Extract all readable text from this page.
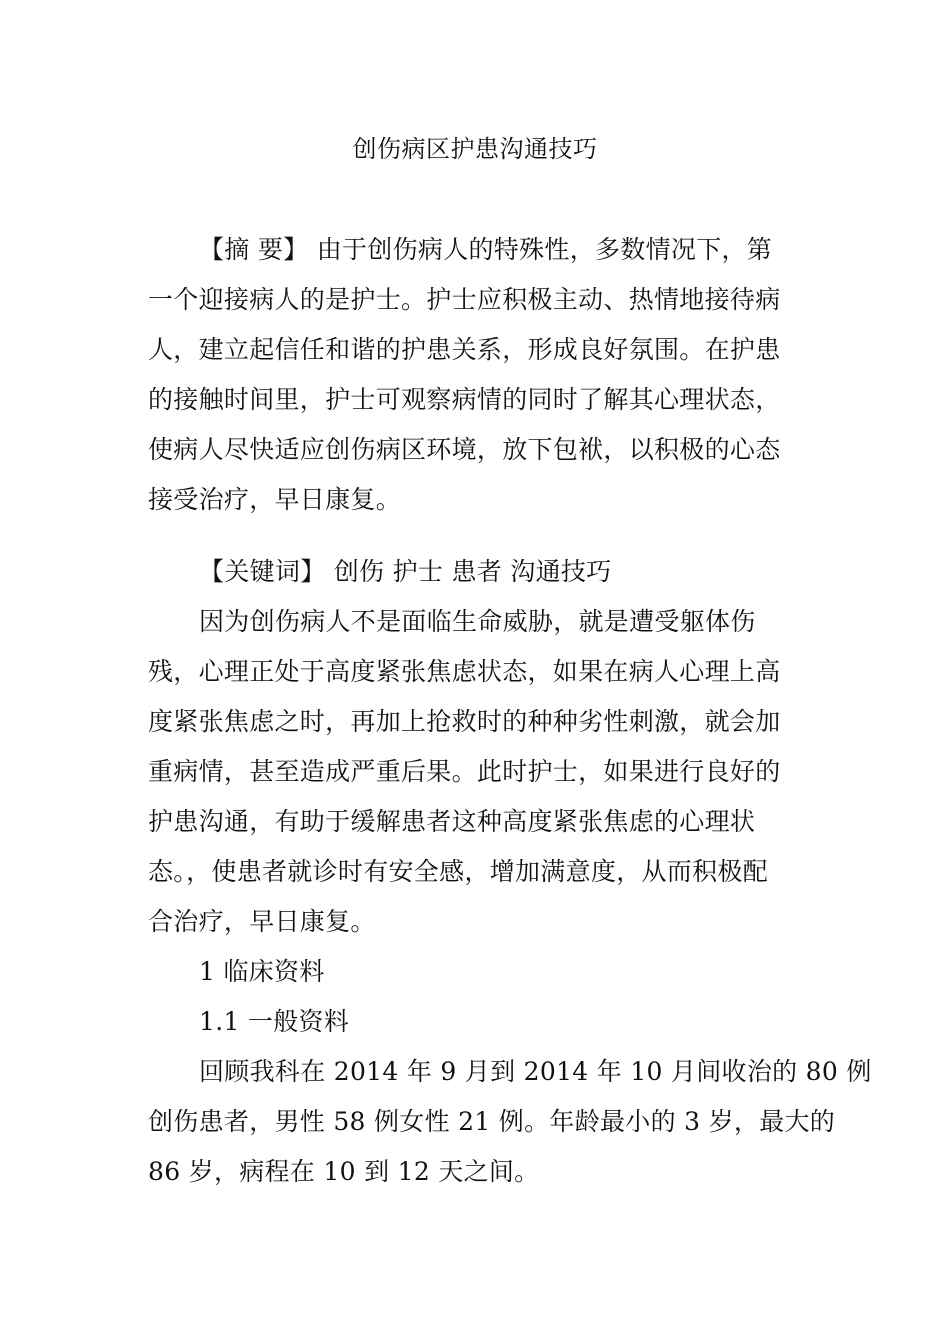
创伤病区护患沟通技巧
【摘 要】 由于创伤病人的特殊性，多数情况下，第
一个迎接病人的是护士。护士应积极主动、热情地接待病
人，建立起信任和谐的护患关系，形成良好氛围。在护患
的接触时间里，护士可观察病情的同时了解其心理状态，
使病人尽快适应创伤病区环境，放下包袱，以积极的心态
接受治疗，早日康复。
【关键词】 创伤 护士 患者 沟通技巧
因为创伤病人不是面临生命威胁，就是遭受躯体伤
残，心理正处于高度紧张焦虑状态，如果在病人心理上高
度紧张焦虑之时，再加上抢救时的种种劣性刺激，就会加
重病情，甚至造成严重后果。此时护士，如果进行良好的
护患沟通，有助于缓解患者这种高度紧张焦虑的心理状
态。，使患者就诊时有安全感，增加满意度，从而积极配
合治疗，早日康复。
1 临床资料
1.1 一般资料
回顾我科在 2014 年 9 月到 2014 年 10 月间收治的 80 例
创伤患者，男性 58 例女性 21 例。年龄最小的 3 岁，最大的
86 岁，病程在 10 到 12 天之间。
